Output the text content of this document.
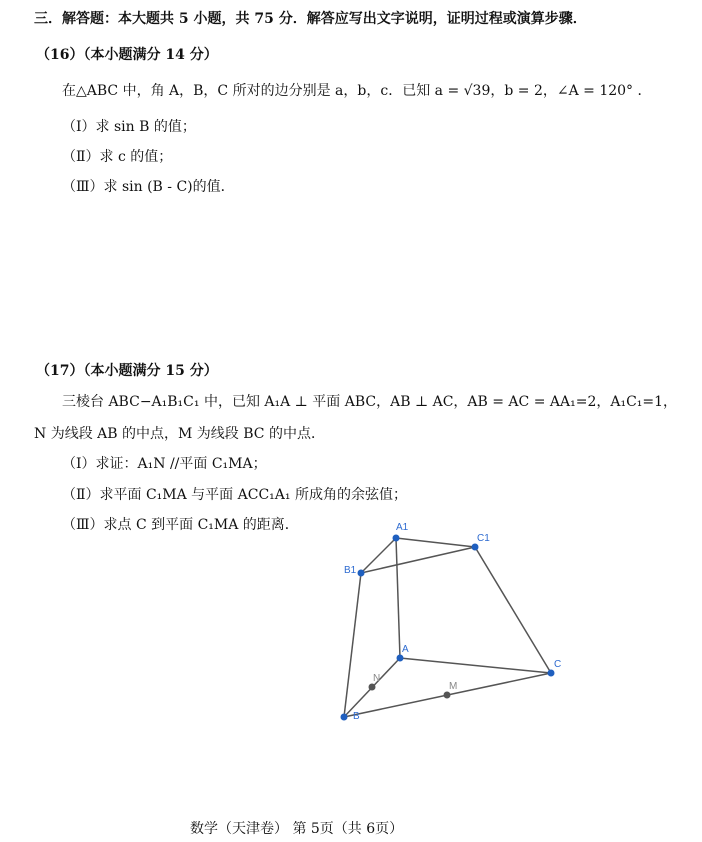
三．解答题：本大题共 5 小题，共 75 分．解答应写出文字说明，证明过程或演算步骤．
（16）（本小题满分 14 分）
在△ABC 中，角 A，B，C 所对的边分别是 a，b，c．已知 a = √39，b = 2，∠A = 120° ．
（Ⅰ）求 sin B 的值；
（Ⅱ）求 c 的值；
（Ⅲ）求 sin (B - C)的值．
（17）（本小题满分 15 分）
三棱台 ABC−A₁B₁C₁ 中，已知 A₁A ⊥ 平面 ABC，AB ⊥ AC，AB = AC = AA₁=2，A₁C₁=1，
N 为线段 AB 的中点，M 为线段 BC 的中点．
（Ⅰ）求证：A₁N //平面 C₁MA；
（Ⅱ）求平面 C₁MA 与平面 ACC₁A₁ 所成角的余弦值；
（Ⅲ）求点 C 到平面 C₁MA 的距离．	A1
C1
B1
A
B
C
N
M
数学（天津卷） 第 5页（共 6页）
